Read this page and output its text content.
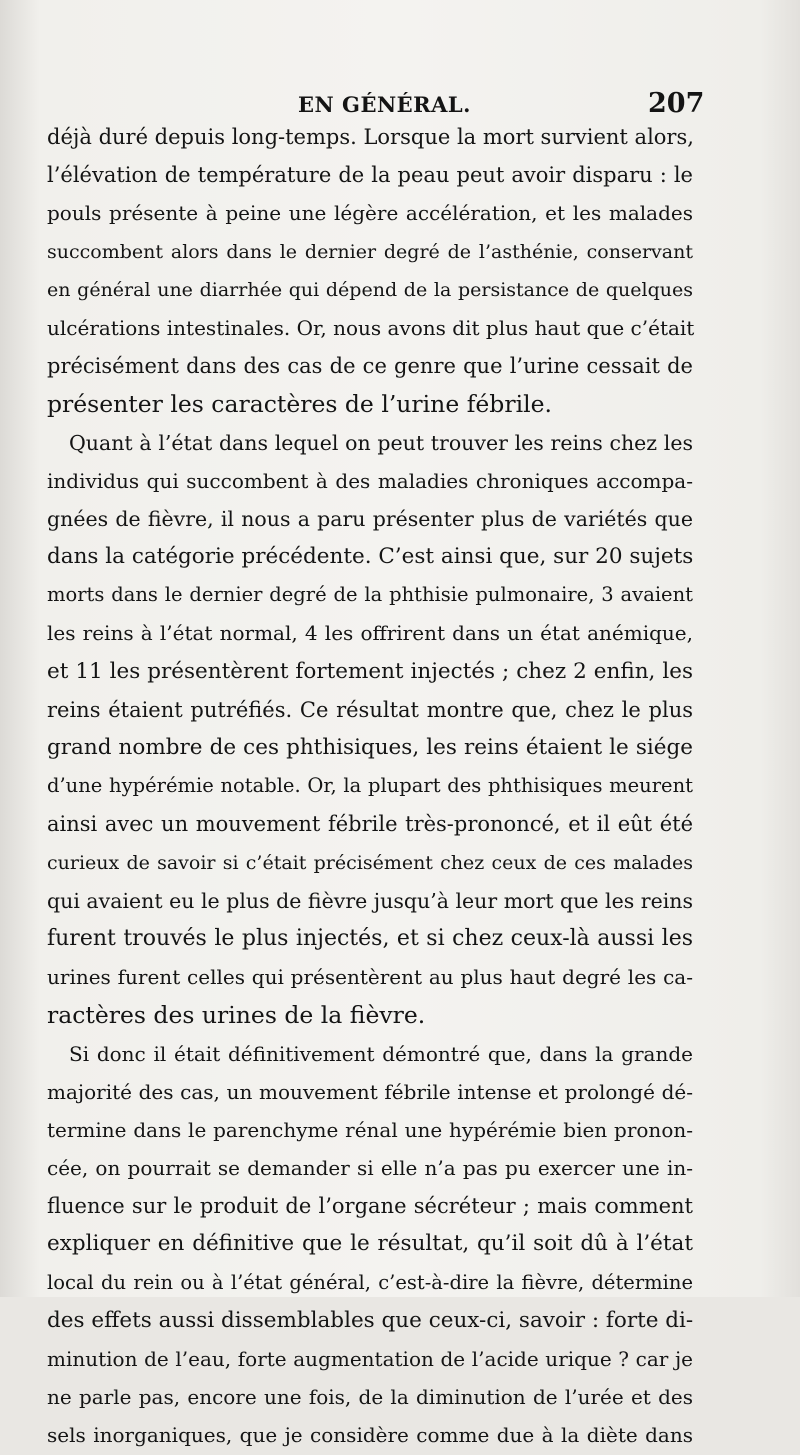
EN GÉNÉRAL.	207
déjà duré depuis long-temps. Lorsque la mort survient alors,
l’élévation de température de la peau peut avoir disparu : le
pouls présente à peine une légère accélération, et les malades
succombent alors dans le dernier degré de l’asthénie, conservant
en général une diarrhée qui dépend de la persistance de quelques
ulcérations intestinales. Or, nous avons dit plus haut que c’était
précisément dans des cas de ce genre que l’urine cessait de
présenter les caractères de l’urine fébrile.
Quant à l’état dans lequel on peut trouver les reins chez les
individus qui succombent à des maladies chroniques accompa-
gnées de fièvre, il nous a paru présenter plus de variétés que
dans la catégorie précédente. C’est ainsi que, sur 20 sujets
morts dans le dernier degré de la phthisie pulmonaire, 3 avaient
les reins à l’état normal, 4 les offrirent dans un état anémique,
et 11 les présentèrent fortement injectés ; chez 2 enfin, les
reins étaient putréfiés. Ce résultat montre que, chez le plus
grand nombre de ces phthisiques, les reins étaient le siége
d’une hypérémie notable. Or, la plupart des phthisiques meurent
ainsi avec un mouvement fébrile très-prononcé, et il eût été
curieux de savoir si c’était précisément chez ceux de ces malades
qui avaient eu le plus de fièvre jusqu’à leur mort que les reins
furent trouvés le plus injectés, et si chez ceux-là aussi les
urines furent celles qui présentèrent au plus haut degré les ca-
ractères des urines de la fièvre.
Si donc il était définitivement démontré que, dans la grande
majorité des cas, un mouvement fébrile intense et prolongé dé-
termine dans le parenchyme rénal une hypérémie bien pronon-
cée, on pourrait se demander si elle n’a pas pu exercer une in-
fluence sur le produit de l’organe sécréteur ; mais comment
expliquer en définitive que le résultat, qu’il soit dû à l’état
local du rein ou à l’état général, c’est-à-dire la fièvre, détermine
des effets aussi dissemblables que ceux-ci, savoir : forte di-
minution de l’eau, forte augmentation de l’acide urique ? car je
ne parle pas, encore une fois, de la diminution de l’urée et des
sels inorganiques, que je considère comme due à la diète dans
